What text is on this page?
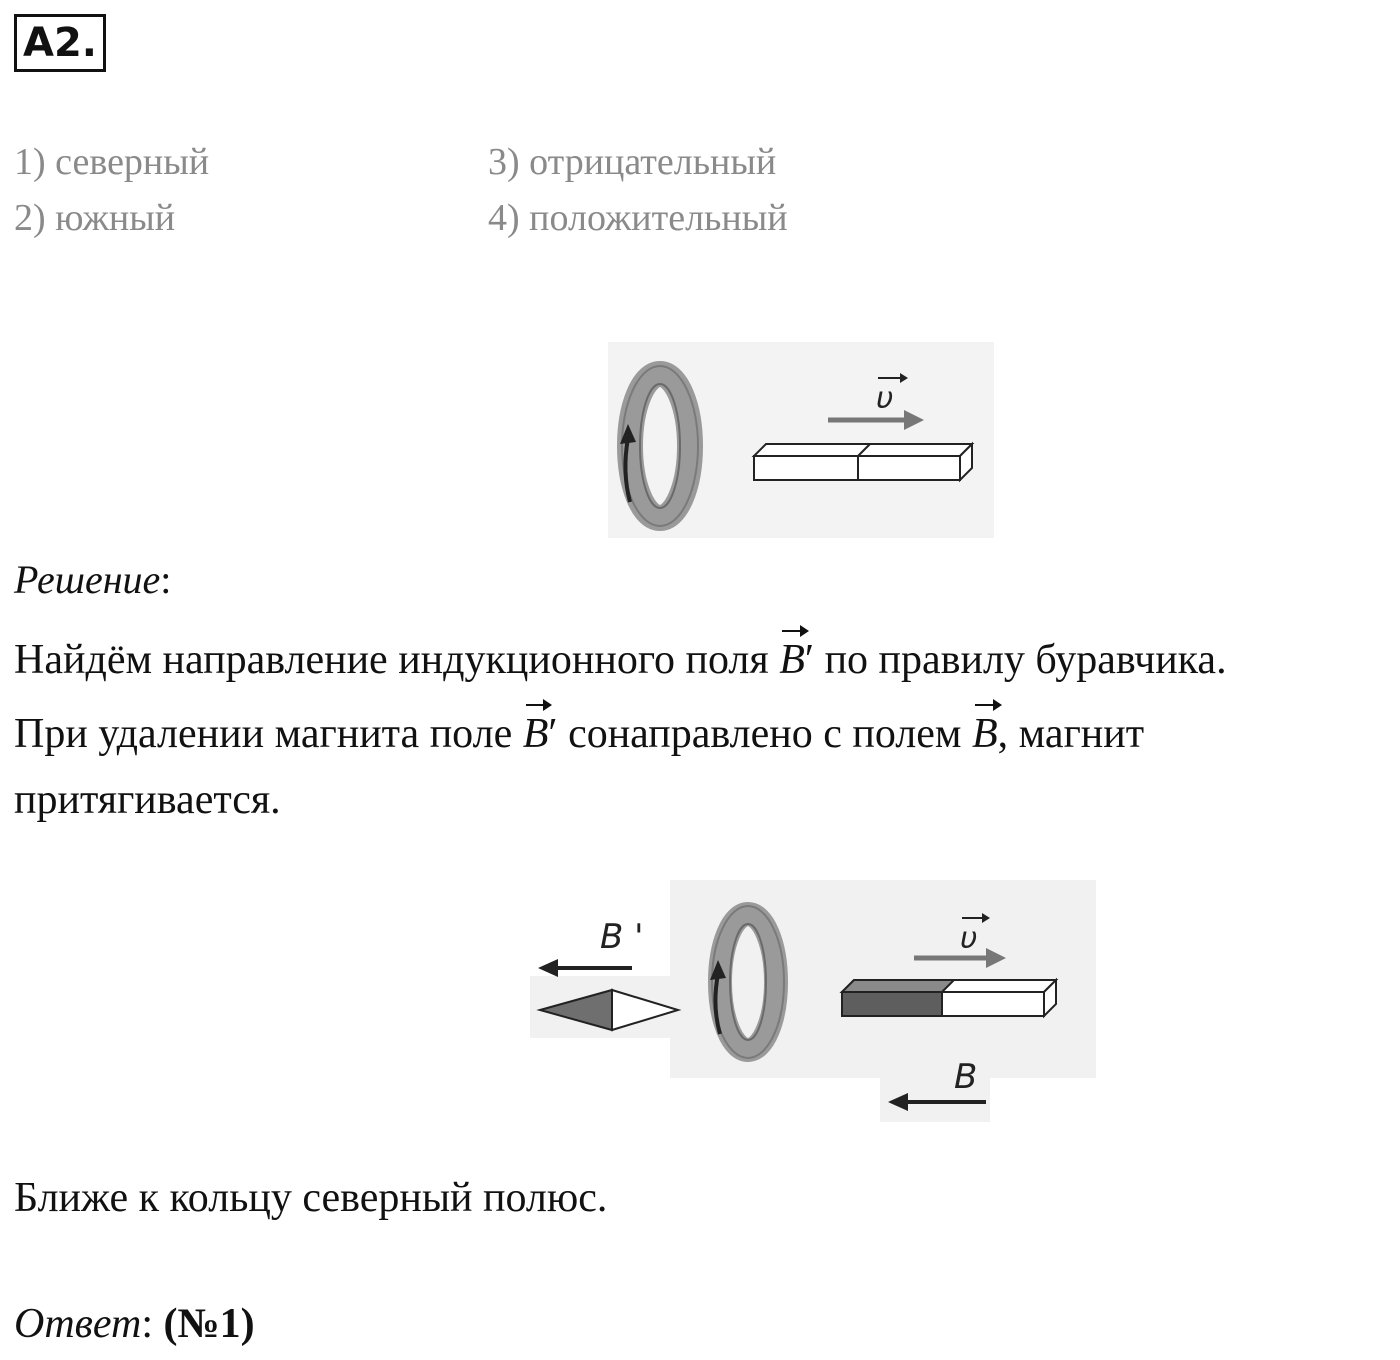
A2.
1) северный
2) южный
3) отрицательный
4) положительный
υ
Решение:
Найдём направление индукционного поля B′ по правилу буравчика.
При удалении магнита поле B′ сонаправлено с полем B, магнит
притягивается.
B '	υ
B
Ближе к кольцу северный полюс.
Ответ: (№1)
